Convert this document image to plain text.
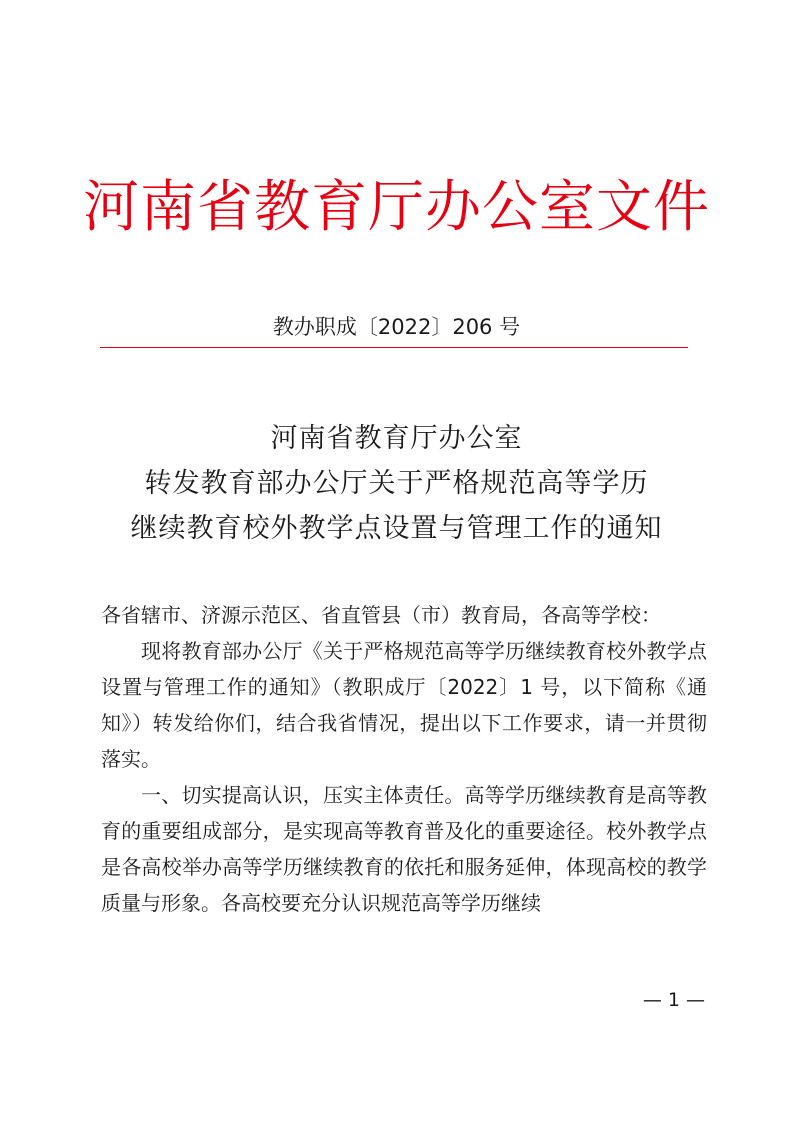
河南省教育厅办公室文件
教办职成〔2022〕206 号
河南省教育厅办公室
转发教育部办公厅关于严格规范高等学历
继续教育校外教学点设置与管理工作的通知

各省辖市、济源示范区、省直管县（市）教育局，各高等学校：

现将教育部办公厅《关于严格规范高等学历继续教育校外教学点设置与管理工作的通知》（教职成厅〔2022〕1 号，以下简称《通知》）转发给你们，结合我省情况，提出以下工作要求，请一并贯彻落实。

一、切实提高认识，压实主体责任。高等学历继续教育是高等教育的重要组成部分，是实现高等教育普及化的重要途径。校外教学点是各高校举办高等学历继续教育的依托和服务延伸，体现高校的教学质量与形象。各高校要充分认识规范高等学历继续

— 1 —
